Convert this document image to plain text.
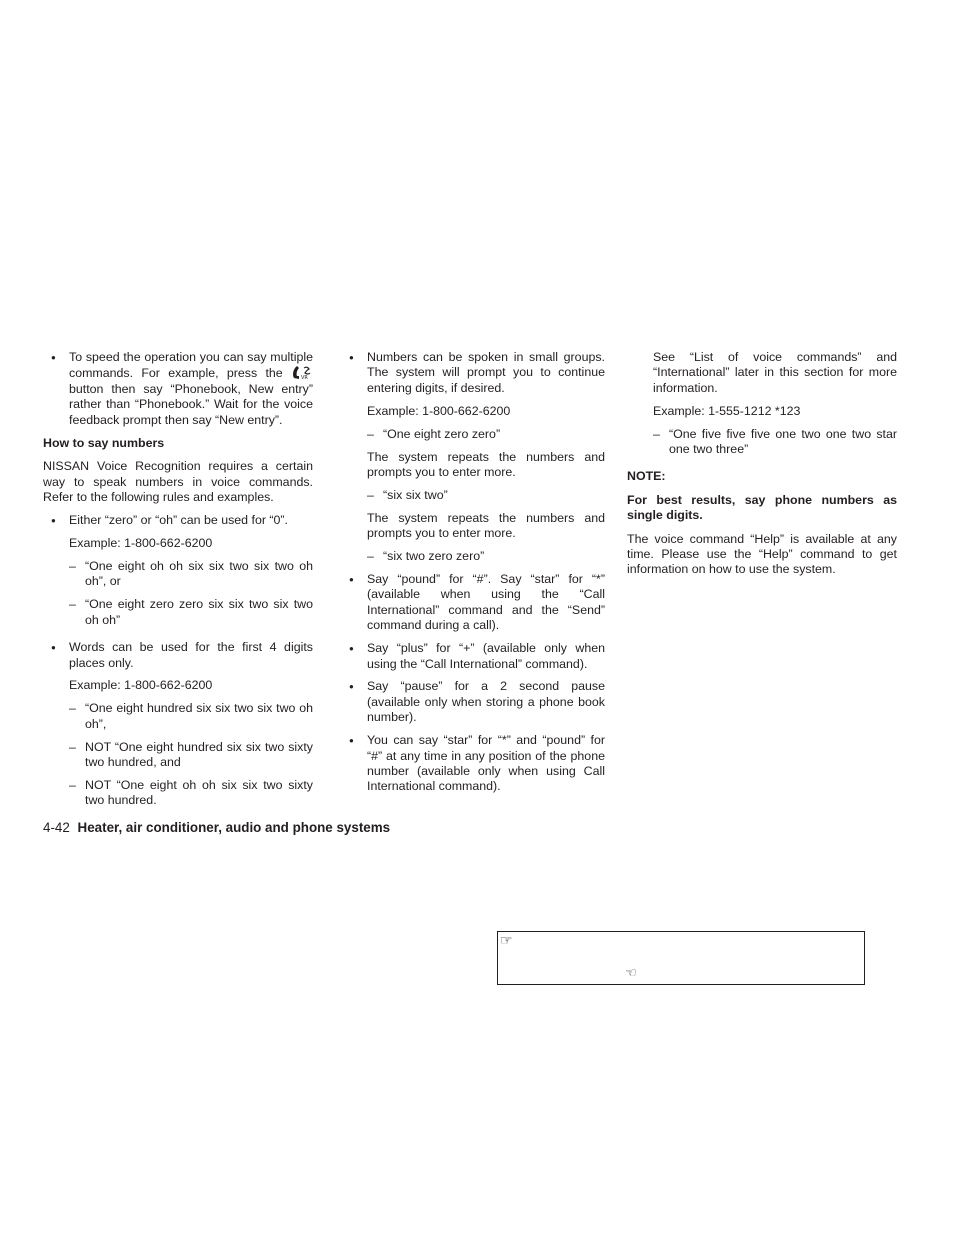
● To speed the operation you can say multiple commands. For example, press the	VR
button then say “Phonebook, New entry” rather than “Phonebook.” Wait for the voice feedback prompt then say “New entry”.

How to say numbers

NISSAN Voice Recognition requires a certain way to speak numbers in voice commands. Refer to the following rules and examples.

● Either “zero” or “oh” can be used for “0”.

Example: 1-800-662-6200

– “One eight oh oh six six two six two oh oh”, or
– “One eight zero zero six six two six two oh oh”
● Words can be used for the first 4 digits places only.

Example: 1-800-662-6200

– “One eight hundred six six two six two oh oh”,
– NOT “One eight hundred six six two sixty two hundred, and
– NOT “One eight oh oh six six two sixty two hundred.
● Numbers can be spoken in small groups. The system will prompt you to continue entering digits, if desired.

Example: 1-800-662-6200

– “One eight zero zero”

The system repeats the numbers and prompts you to enter more.

– “six six two”

The system repeats the numbers and prompts you to enter more.

– “six two zero zero”
● Say “pound” for “#”. Say “star” for “*” (available when using the “Call International” command and the “Send” command during a call).
● Say “plus” for “+” (available only when using the “Call International” command).
● Say “pause” for a 2 second pause (available only when storing a phone book number).
● You can say “star” for “*” and “pound” for “#” at any time in any position of the phone number (available only when using Call International command).

See “List of voice commands” and “International” later in this section for more information.

Example: 1-555-1212 *123

– “One five five five one two one two star one two three”

NOTE:

For best results, say phone numbers as single digits.

The voice command “Help” is available at any time. Please use the “Help” command to get information on how to use the system.

4-42 Heater, air conditioner, audio and phone systems
☞
☜
